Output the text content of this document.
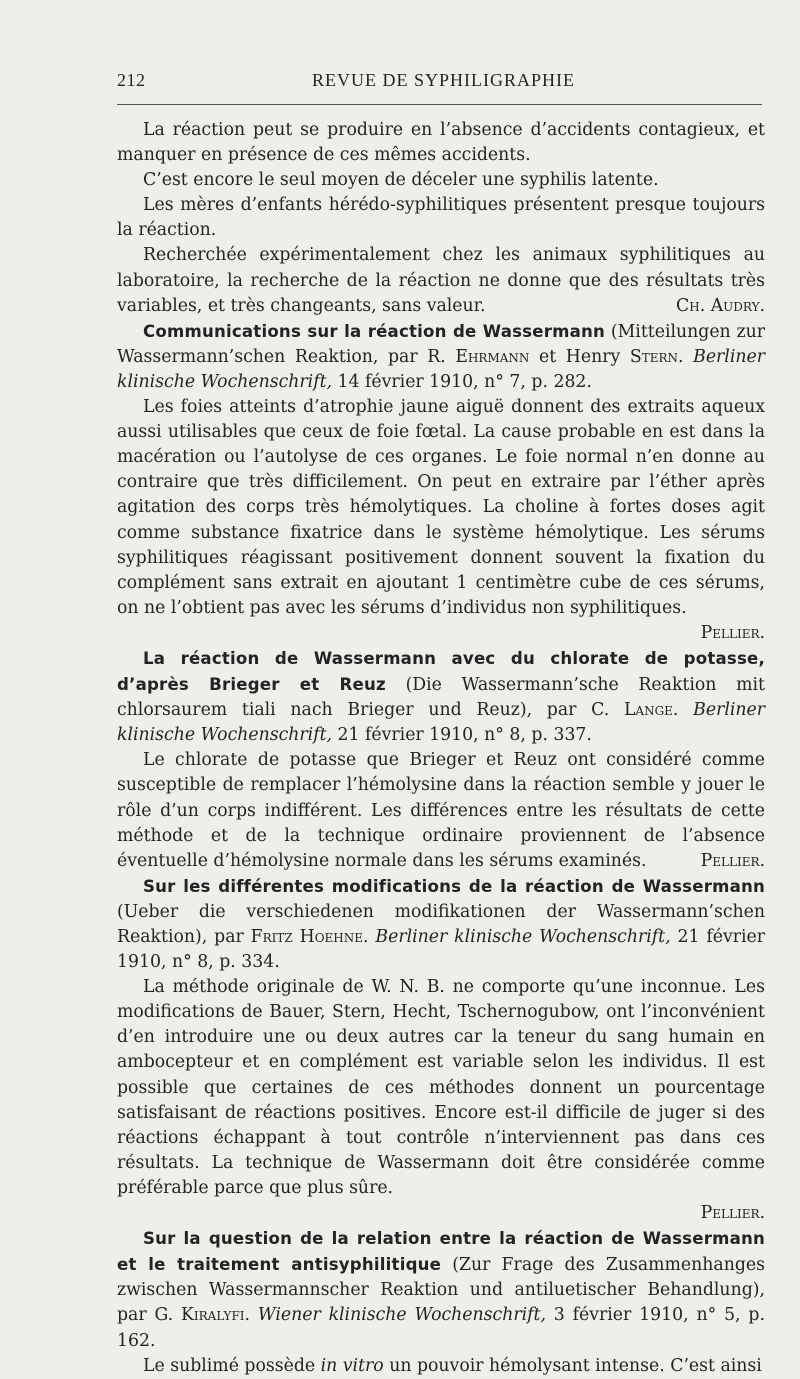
212	REVUE DE SYPHILIGRAPHIE

La réaction peut se produire en l’absence d’accidents contagieux, et manquer en présence de ces mêmes accidents.

C’est encore le seul moyen de déceler une syphilis latente.

Les mères d’enfants hérédo-syphilitiques présentent presque toujours la réaction.

Recherchée expérimentalement chez les animaux syphilitiques au laboratoire, la recherche de la réaction ne donne que des résultats très variables, et très changeants, sans valeur.	Ch. Audry.

Communications sur la réaction de Wassermann (Mitteilungen zur Wassermann’schen Reaktion, par R. Ehrmann et Henry Stern. Berliner klinische Wochenschrift, 14 février 1910, n° 7, p. 282.

Les foies atteints d’atrophie jaune aiguë donnent des extraits aqueux aussi utilisables que ceux de foie fœtal. La cause probable en est dans la macération ou l’autolyse de ces organes. Le foie normal n’en donne au contraire que très difficilement. On peut en extraire par l’éther après agitation des corps très hémolytiques. La choline à fortes doses agit comme substance fixatrice dans le système hémolytique. Les sérums syphilitiques réagissant positivement donnent souvent la fixation du complément sans extrait en ajoutant 1 centimètre cube de ces sérums, on ne l’obtient pas avec les sérums d’individus non syphilitiques.
Pellier.

La réaction de Wassermann avec du chlorate de potasse, d’après Brieger et Reuz (Die Wassermann’sche Reaktion mit chlorsaurem tiali nach Brieger und Reuz), par C. Lange. Berliner klinische Wochenschrift, 21 février 1910, n° 8, p. 337.

Le chlorate de potasse que Brieger et Reuz ont considéré comme susceptible de remplacer l’hémolysine dans la réaction semble y jouer le rôle d’un corps indifférent. Les différences entre les résultats de cette méthode et de la technique ordinaire proviennent de l’absence éventuelle d’hémolysine normale dans les sérums examinés.	Pellier.

Sur les différentes modifications de la réaction de Wassermann (Ueber die verschiedenen modifikationen der Wassermann’schen Reaktion), par Fritz Hoehne. Berliner klinische Wochenschrift, 21 février 1910, n° 8, p. 334.

La méthode originale de W. N. B. ne comporte qu’une inconnue. Les modifications de Bauer, Stern, Hecht, Tschernogubow, ont l’inconvénient d’en introduire une ou deux autres car la teneur du sang humain en ambocepteur et en complément est variable selon les individus. Il est possible que certaines de ces méthodes donnent un pourcentage satisfaisant de réactions positives. Encore est-il difficile de juger si des réactions échappant à tout contrôle n’interviennent pas dans ces résultats. La technique de Wassermann doit être considérée comme préférable parce que plus sûre.

Pellier.

Sur la question de la relation entre la réaction de Wassermann et le traitement antisyphilitique (Zur Frage des Zusammenhanges zwischen Wassermannscher Reaktion und antiluetischer Behandlung), par G. Kiralyfi. Wiener klinische Wochenschrift, 3 février 1910, n° 5, p. 162.

Le sublimé possède in vitro un pouvoir hémolysant intense. C’est ainsi
